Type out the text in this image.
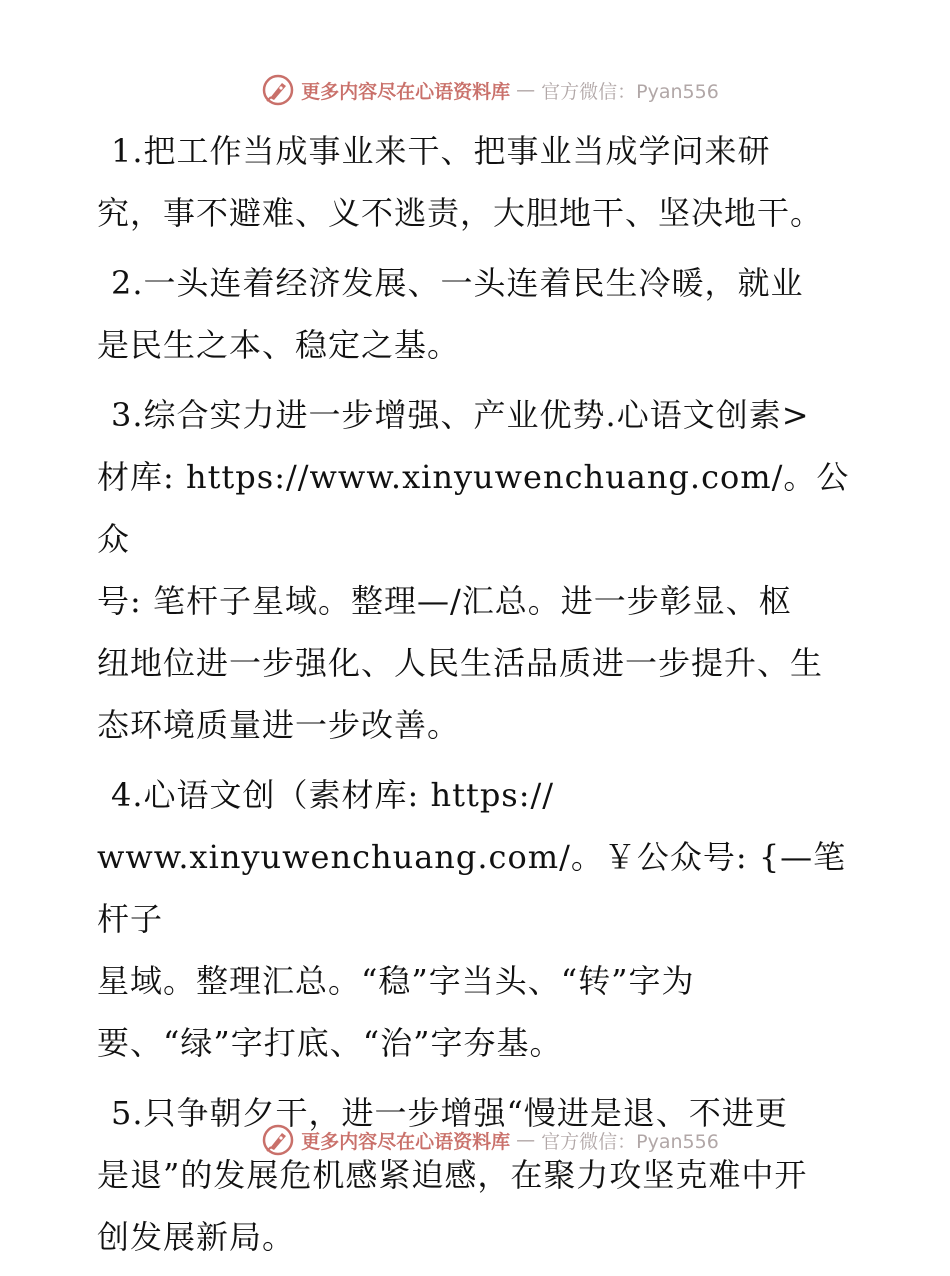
更多内容尽在心语资料库 — 官方微信：Pyan556

1.把工作当成事业来干、把事业当成学问来研
究，事不避难、义不逃责，大胆地干、坚决地干。

2.一头连着经济发展、一头连着民生冷暖，就业
是民生之本、稳定之基。

3.综合实力进一步增强、产业优势.心语文创素>
材库: https://www.xinyuwenchuang.com/。公众
号: 笔杆子星域。整理—/汇总。进一步彰显、枢
纽地位进一步强化、人民生活品质进一步提升、生
态环境质量进一步改善。

4.心语文创（素材库: https://
www.xinyuwenchuang.com/。￥公众号: {—笔杆子
星域。整理汇总。“稳”字当头、“转”字为
要、“绿”字打底、“治”字夯基。

5.只争朝夕干，进一步增强“慢进是退、不进更
是退”的发展危机感紧迫感，在聚力攻坚克难中开
创发展新局。

更多内容尽在心语资料库 — 官方微信：Pyan556
